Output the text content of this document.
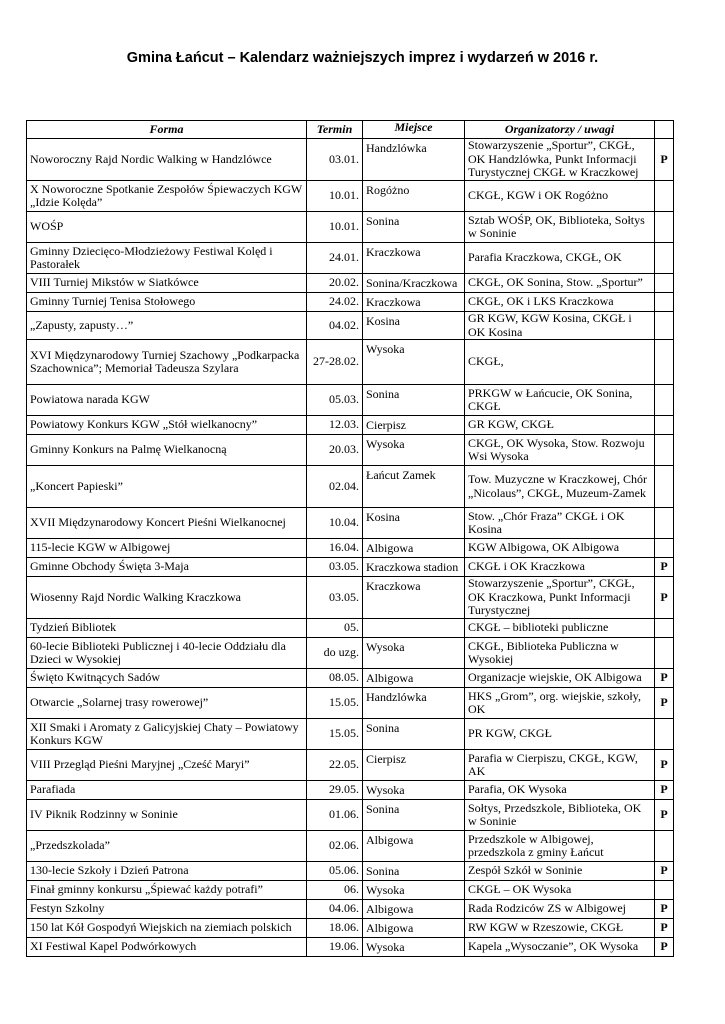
Gmina Łańcut – Kalendarz ważniejszych imprez i wydarzeń w 2016 r.
Forma	Termin	Miejsce	Organizatorzy / uwagi	
Noworoczny Rajd Nordic Walking w Handzlówce	03.01.	Handzlówka	Stowarzyszenie „Sportur”, CKGŁ, OK Handzlówka, Punkt Informacji Turystycznej CKGŁ w Kraczkowej	P
X Noworoczne Spotkanie Zespołów Śpiewaczych KGW „Idzie Kolęda”	10.01.	Rogóżno	CKGŁ, KGW i OK Rogóżno	
WOŚP	10.01.	Sonina	Sztab WOŚP, OK, Biblioteka, Sołtys w Soninie	
Gminny Dziecięco-Młodzieżowy Festiwal Kolęd i Pastorałek	24.01.	Kraczkowa	Parafia Kraczkowa, CKGŁ, OK	
VIII Turniej Mikstów w Siatkówce	20.02.	Sonina/Kraczkowa	CKGŁ, OK Sonina, Stow. „Sportur”	
Gminny Turniej Tenisa Stołowego	24.02.	Kraczkowa	CKGŁ, OK i LKS Kraczkowa	
„Zapusty, zapusty…”	04.02.	Kosina	GR KGW, KGW Kosina, CKGŁ i OK Kosina	
XVI Międzynarodowy Turniej Szachowy „Podkarpacka Szachownica”; Memoriał Tadeusza Szylara	27-28.02.	Wysoka	CKGŁ,	
Powiatowa narada KGW	05.03.	Sonina	PRKGW w Łańcucie, OK Sonina, CKGŁ	
Powiatowy Konkurs KGW „Stół wielkanocny”	12.03.	Cierpisz	GR KGW, CKGŁ	
Gminny Konkurs na Palmę Wielkanocną	20.03.	Wysoka	CKGŁ, OK Wysoka, Stow. Rozwoju Wsi Wysoka	
„Koncert Papieski”	02.04.	Łańcut Zamek	Tow. Muzyczne w Kraczkowej, Chór „Nicolaus”, CKGŁ, Muzeum-Zamek	
XVII Międzynarodowy Koncert Pieśni Wielkanocnej	10.04.	Kosina	Stow. „Chór Fraza” CKGŁ i OK Kosina	
115-lecie KGW w Albigowej	16.04.	Albigowa	KGW Albigowa, OK Albigowa	
Gminne Obchody Święta 3-Maja	03.05.	Kraczkowa stadion	CKGŁ i OK Kraczkowa	P
Wiosenny Rajd Nordic Walking Kraczkowa	03.05.	Kraczkowa	Stowarzyszenie „Sportur”, CKGŁ, OK Kraczkowa, Punkt Informacji Turystycznej	P
Tydzień Bibliotek	05.		CKGŁ – biblioteki publiczne	
60-lecie Biblioteki Publicznej i 40-lecie Oddziału dla Dzieci w Wysokiej	do uzg.	Wysoka	CKGŁ, Biblioteka Publiczna w Wysokiej	
Święto Kwitnących Sadów	08.05.	Albigowa	Organizacje wiejskie, OK Albigowa	P
Otwarcie „Solarnej trasy rowerowej”	15.05.	Handzlówka	HKS „Grom”, org. wiejskie, szkoły, OK	P
XII Smaki i Aromaty z Galicyjskiej Chaty – Powiatowy Konkurs KGW	15.05.	Sonina	PR KGW, CKGŁ	
VIII Przegląd Pieśni Maryjnej „Cześć Maryi”	22.05.	Cierpisz	Parafia w Cierpiszu, CKGŁ, KGW, AK	P
Parafiada	29.05.	Wysoka	Parafia, OK Wysoka	P
IV Piknik Rodzinny w Soninie	01.06.	Sonina	Sołtys, Przedszkole, Biblioteka, OK w Soninie	P
„Przedszkolada”	02.06.	Albigowa	Przedszkole w Albigowej, przedszkola z gminy Łańcut	
130-lecie Szkoły i Dzień Patrona	05.06.	Sonina	Zespół Szkół w Soninie	P
Finał gminny konkursu „Śpiewać każdy potrafi”	06.	Wysoka	CKGŁ – OK Wysoka	
Festyn Szkolny	04.06.	Albigowa	Rada Rodziców ZS w Albigowej	P
150 lat Kół Gospodyń Wiejskich na ziemiach polskich	18.06.	Albigowa	RW KGW w Rzeszowie, CKGŁ	P
XI Festiwal Kapel Podwórkowych	19.06.	Wysoka	Kapela „Wysoczanie”, OK Wysoka	P
